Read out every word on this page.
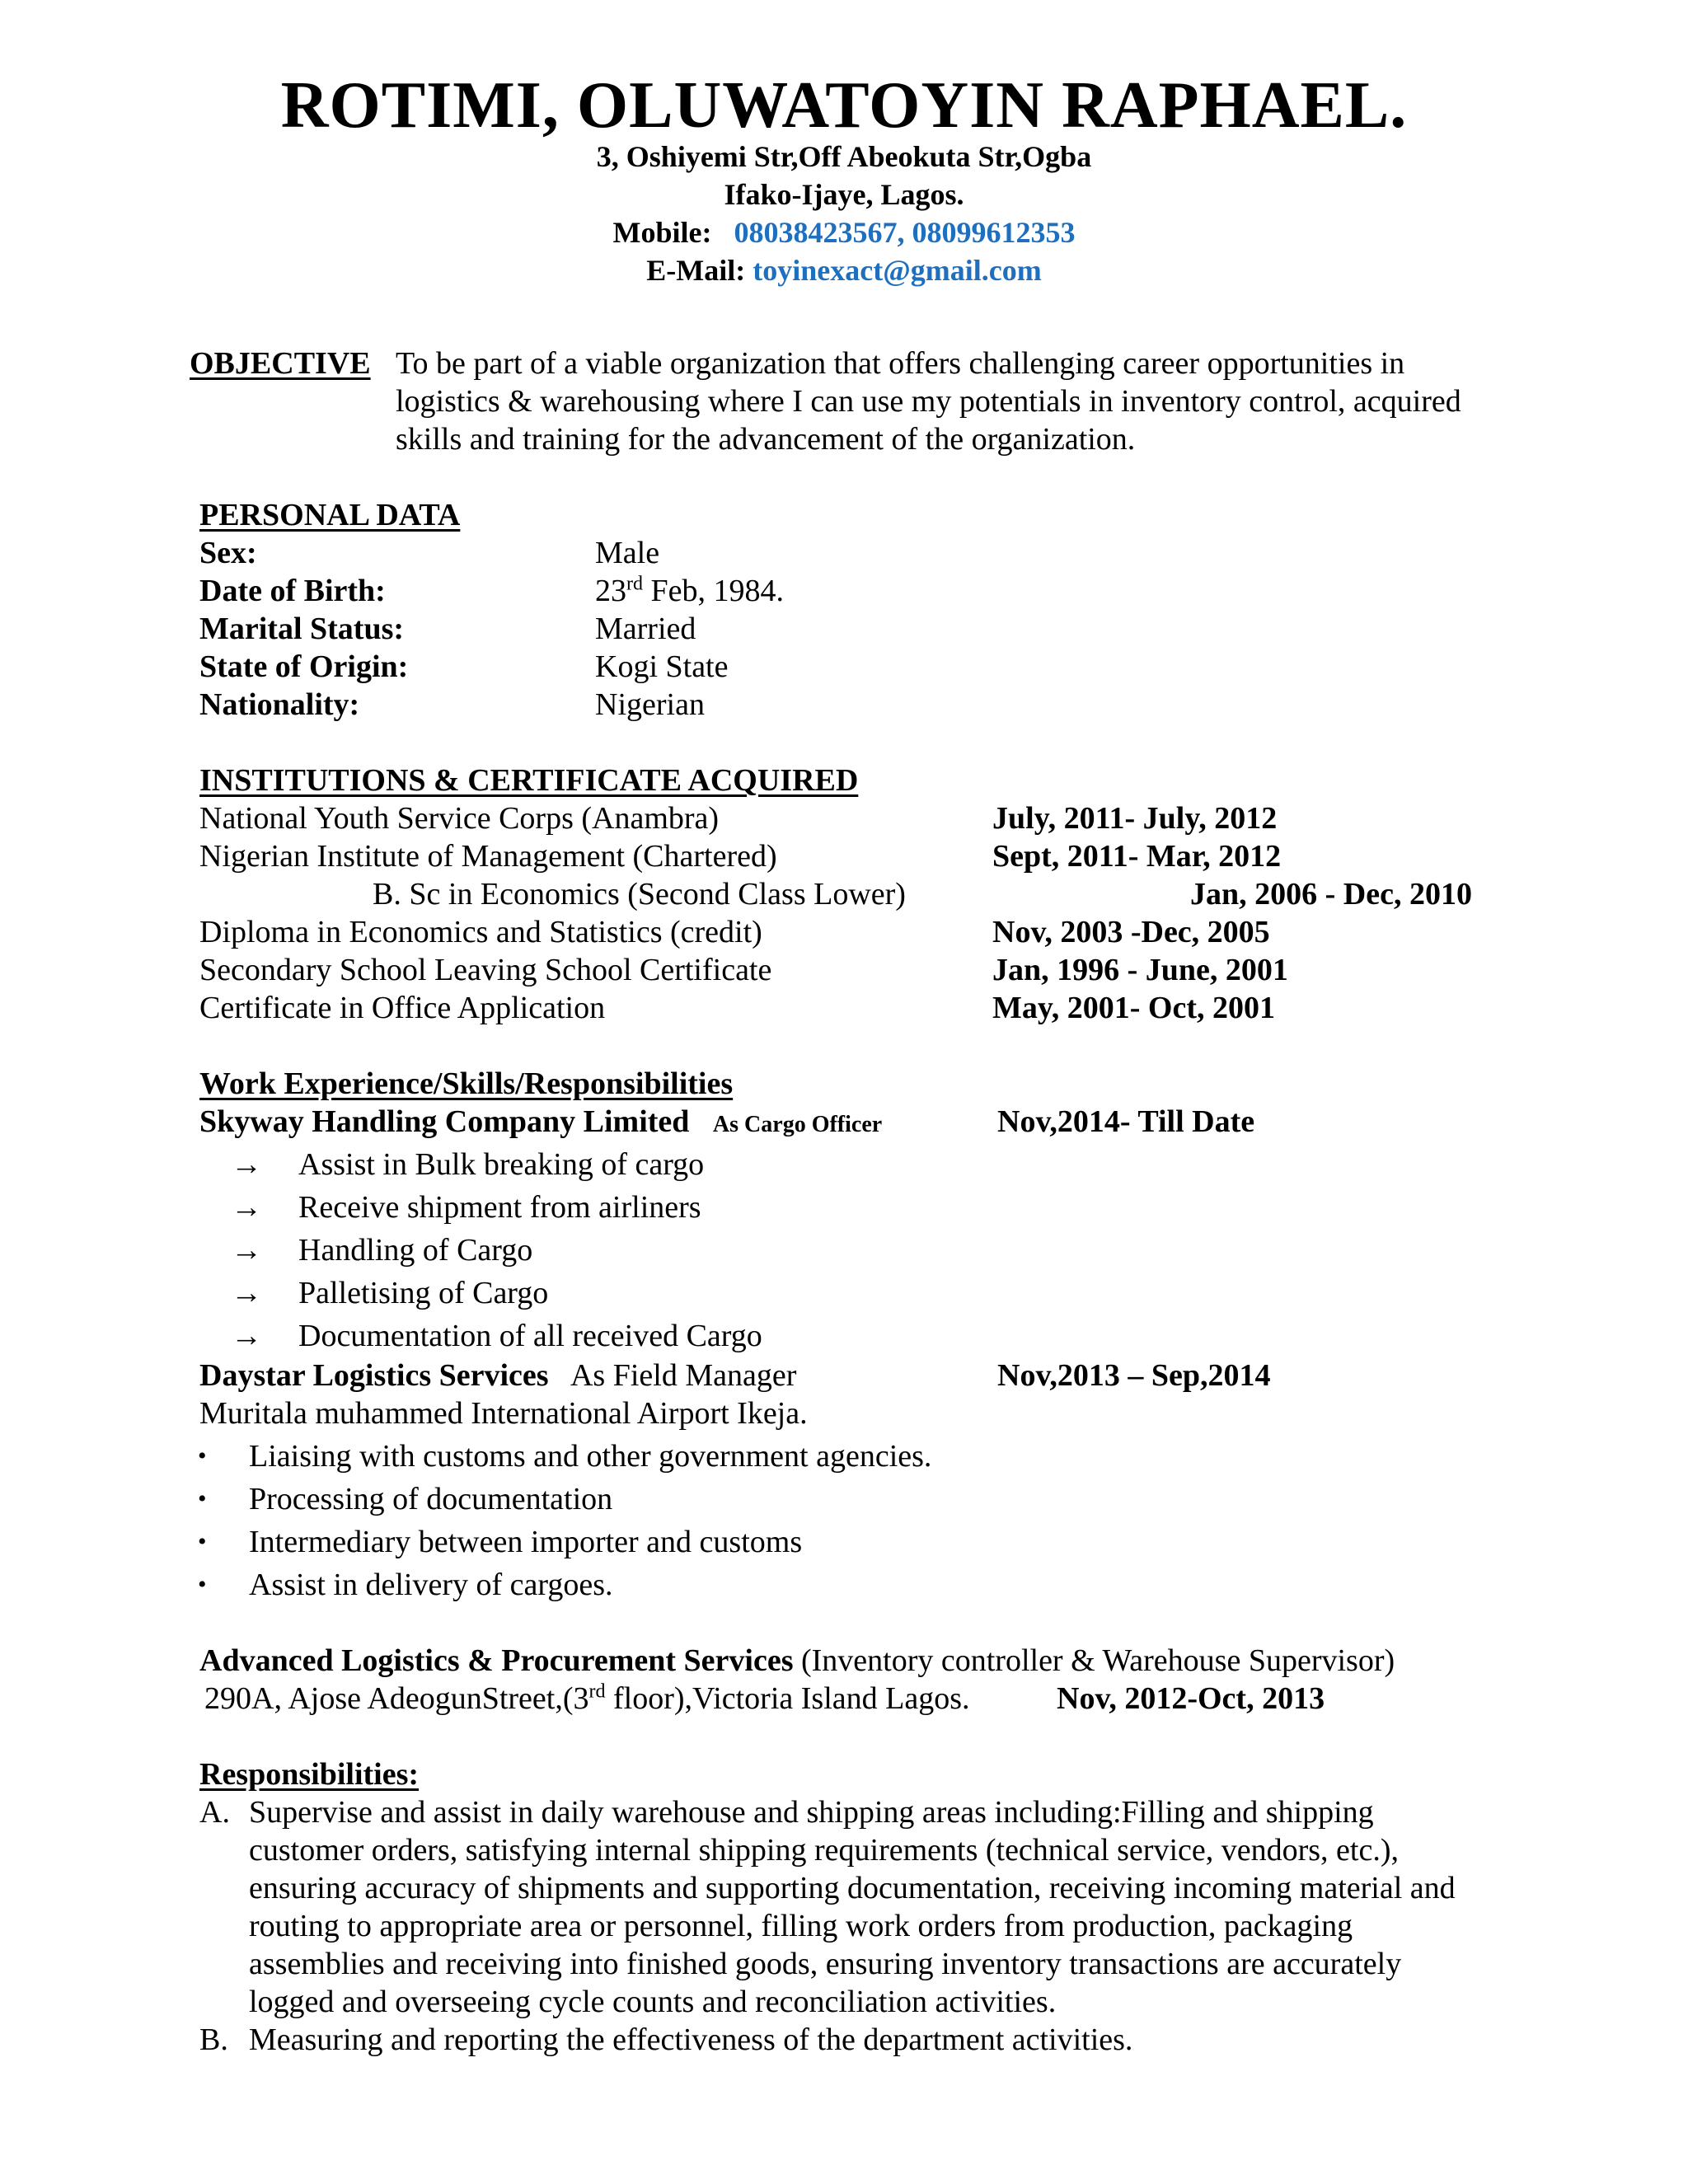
ROTIMI, OLUWATOYIN RAPHAEL.
3, Oshiyemi Str,Off Abeokuta Str,Ogba
Ifako-Ijaye, Lagos.
Mobile: 08038423567, 08099612353
E-Mail: toyinexact@gmail.com
OBJECTIVE To be part of a viable organization that offers challenging career opportunities in logistics & warehousing where I can use my potentials in inventory control, acquired skills and training for the advancement of the organization.
PERSONAL DATA
Sex:	Male
Date of Birth:	23rd Feb, 1984.
Marital Status:	Married
State of Origin:	Kogi State
Nationality:	Nigerian
INSTITUTIONS & CERTIFICATE ACQUIRED
National Youth Service Corps (Anambra)	July, 2011- July, 2012
Nigerian Institute of Management (Chartered)	Sept, 2011- Mar, 2012
B. Sc in Economics (Second Class Lower)	Jan, 2006 - Dec, 2010
Diploma in Economics and Statistics (credit)	Nov, 2003 -Dec, 2005
Secondary School Leaving School Certificate	Jan, 1996 - June, 2001
Certificate in Office Application	May, 2001- Oct, 2001
Work Experience/Skills/Responsibilities
Skyway Handling Company Limited As Cargo Officer	Nov,2014- Till Date
→ Assist in Bulk breaking of cargo
→ Receive shipment from airliners
→ Handling of Cargo
→ Palletising of Cargo
→ Documentation of all received Cargo
Daystar Logistics Services As Field Manager	Nov,2013 – Sep,2014
Muritala muhammed International Airport Ikeja.
• Liaising with customs and other government agencies.
• Processing of documentation
• Intermediary between importer and customs
• Assist in delivery of cargoes.
Advanced Logistics & Procurement Services (Inventory controller & Warehouse Supervisor)
290A, Ajose AdeogunStreet,(3rd floor),Victoria Island Lagos.	Nov, 2012-Oct, 2013
Responsibilities:
A. Supervise and assist in daily warehouse and shipping areas including:Filling and shipping customer orders, satisfying internal shipping requirements (technical service, vendors, etc.), ensuring accuracy of shipments and supporting documentation, receiving incoming material and routing to appropriate area or personnel, filling work orders from production, packaging assemblies and receiving into finished goods, ensuring inventory transactions are accurately logged and overseeing cycle counts and reconciliation activities.
B. Measuring and reporting the effectiveness of the department activities.
